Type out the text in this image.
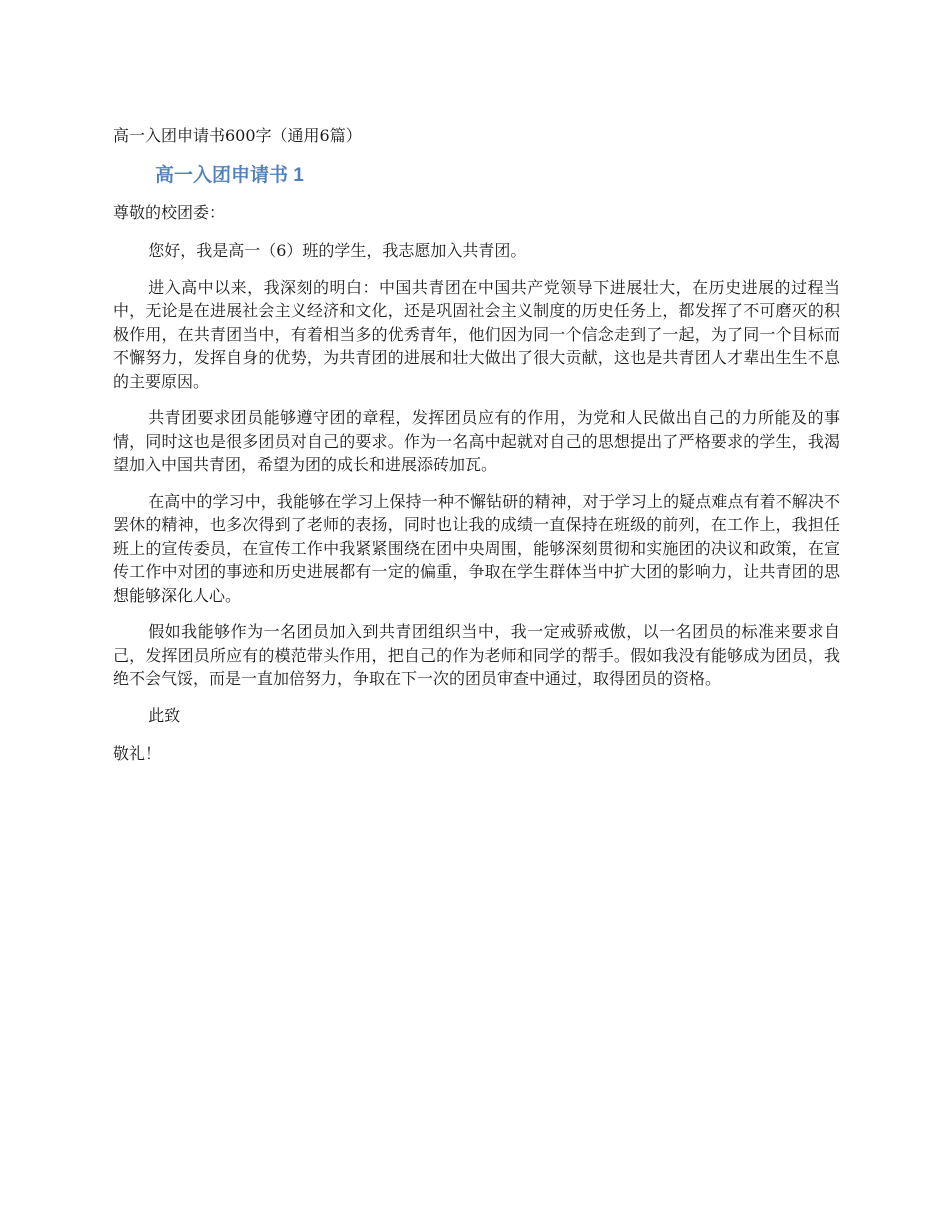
高一入团申请书600字（通用6篇）
高一入团申请书 1
尊敬的校团委：

您好，我是高一（6）班的学生，我志愿加入共青团。

进入高中以来，我深刻的明白：中国共青团在中国共产党领导下进展壮大，在历史进展的过程当中，无论是在进展社会主义经济和文化，还是巩固社会主义制度的历史任务上，都发挥了不可磨灭的积极作用，在共青团当中，有着相当多的优秀青年，他们因为同一个信念走到了一起，为了同一个目标而不懈努力，发挥自身的优势，为共青团的进展和壮大做出了很大贡献，这也是共青团人才辈出生生不息的主要原因。

共青团要求团员能够遵守团的章程，发挥团员应有的作用，为党和人民做出自己的力所能及的事情，同时这也是很多团员对自己的要求。作为一名高中起就对自己的思想提出了严格要求的学生，我渴望加入中国共青团，希望为团的成长和进展添砖加瓦。

在高中的学习中，我能够在学习上保持一种不懈钻研的精神，对于学习上的疑点难点有着不解决不罢休的精神，也多次得到了老师的表扬，同时也让我的成绩一直保持在班级的前列，在工作上，我担任班上的宣传委员，在宣传工作中我紧紧围绕在团中央周围，能够深刻贯彻和实施团的决议和政策，在宣传工作中对团的事迹和历史进展都有一定的偏重，争取在学生群体当中扩大团的影响力，让共青团的思想能够深化人心。

假如我能够作为一名团员加入到共青团组织当中，我一定戒骄戒傲，以一名团员的标准来要求自己，发挥团员所应有的模范带头作用，把自己的作为老师和同学的帮手。假如我没有能够成为团员，我绝不会气馁，而是一直加倍努力，争取在下一次的团员审查中通过，取得团员的资格。

此致
敬礼！
